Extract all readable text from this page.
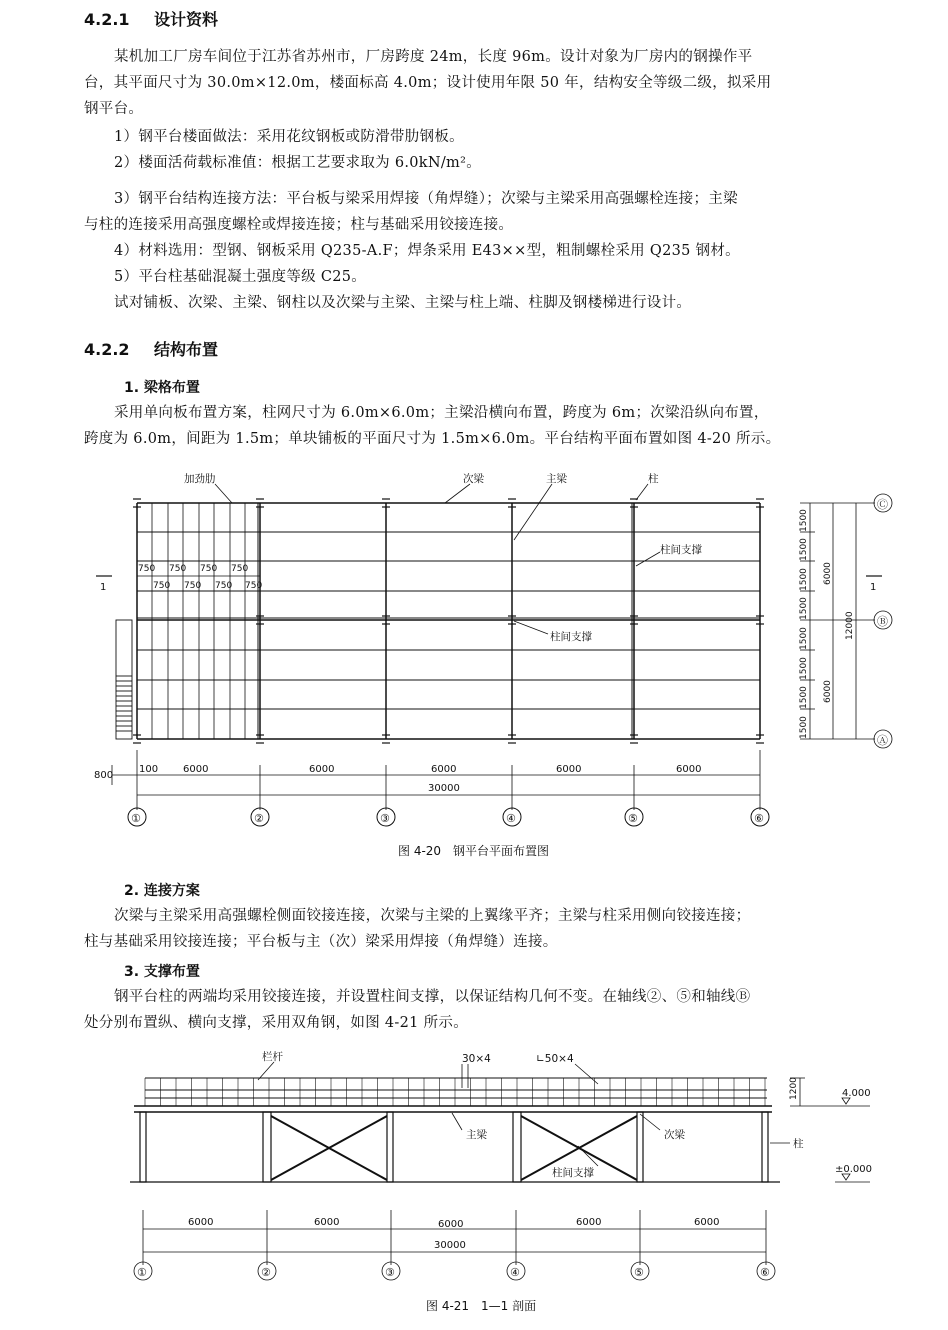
4.2.1 设计资料
某机加工厂房车间位于江苏省苏州市，厂房跨度 24m，长度 96m。设计对象为厂房内的钢操作平
台，其平面尺寸为 30.0m×12.0m，楼面标高 4.0m；设计使用年限 50 年，结构安全等级二级，拟采用
钢平台。
1）钢平台楼面做法：采用花纹钢板或防滑带肋钢板。
2）楼面活荷载标准值：根据工艺要求取为 6.0kN/m²。
3）钢平台结构连接方法：平台板与梁采用焊接（角焊缝）；次梁与主梁采用高强螺栓连接；主梁
与柱的连接采用高强度螺栓或焊接连接；柱与基础采用铰接连接。
4）材料选用：型钢、钢板采用 Q235-A.F；焊条采用 E43××型，粗制螺栓采用 Q235 钢材。
5）平台柱基础混凝土强度等级 C25。
试对铺板、次梁、主梁、钢柱以及次梁与主梁、主梁与柱上端、柱脚及钢楼梯进行设计。
4.2.2 结构布置
1. 梁格布置
采用单向板布置方案，柱网尺寸为 6.0m×6.0m；主梁沿横向布置，跨度为 6m；次梁沿纵向布置，
跨度为 6.0m，间距为 1.5m；单块铺板的平面尺寸为 1.5m×6.0m。平台结构平面布置如图 4-20 所示。
1	1
750 750 750 750
750 750 750 750
加劲肋	次梁	主梁	柱
柱间支撑
柱间支撑
800
100 6000	6000	6000	6000	6000
30000
①
1500
1500
1500
1500
1500
1500
1500
1500
6000
6000
12000
Ⓒ
Ⓑ
Ⓐ
②	③	④	⑤	⑥
图 4-20　钢平台平面布置图
2. 连接方案
次梁与主梁采用高强螺栓侧面铰接连接，次梁与主梁的上翼缘平齐；主梁与柱采用侧向铰接连接；
柱与基础采用铰接连接；平台板与主（次）梁采用焊接（角焊缝）连接。
3. 支撑布置
钢平台柱的两端均采用铰接连接，并设置柱间支撑，以保证结构几何不变。在轴线②、⑤和轴线Ⓑ
处分别布置纵、横向支撑，采用双角钢，如图 4-21 所示。
栏杆	30×4	∟50×4
主梁	次梁
柱
柱间支撑
1200	4.000
±0.000
6000	6000	6000	6000	6000
30000
①	②	③	④	⑤	⑥
图 4-21　1—1 剖面
